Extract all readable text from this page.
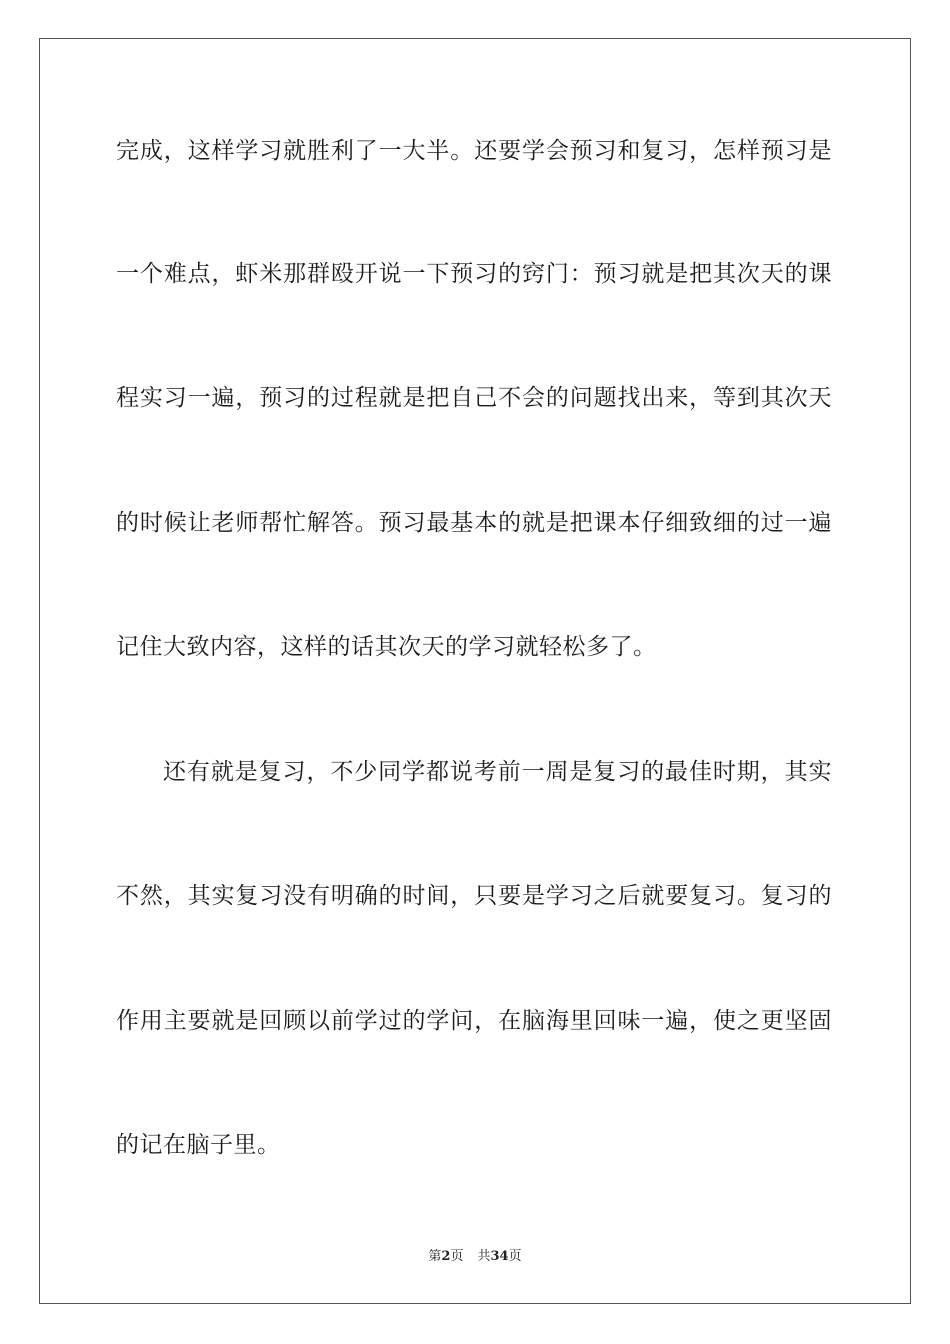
完成，这样学习就胜利了一大半。还要学会预习和复习，怎样预习是
一个难点，虾米那群殴开说一下预习的窍门：预习就是把其次天的课
程实习一遍，预习的过程就是把自己不会的问题找出来，等到其次天
的时候让老师帮忙解答。预习最基本的就是把课本仔细致细的过一遍
记住大致内容，这样的话其次天的学习就轻松多了。
还有就是复习，不少同学都说考前一周是复习的最佳时期，其实
不然，其实复习没有明确的时间，只要是学习之后就要复习。复习的
作用主要就是回顾以前学过的学问，在脑海里回味一遍，使之更坚固
的记在脑子里。
第2页 共34页
